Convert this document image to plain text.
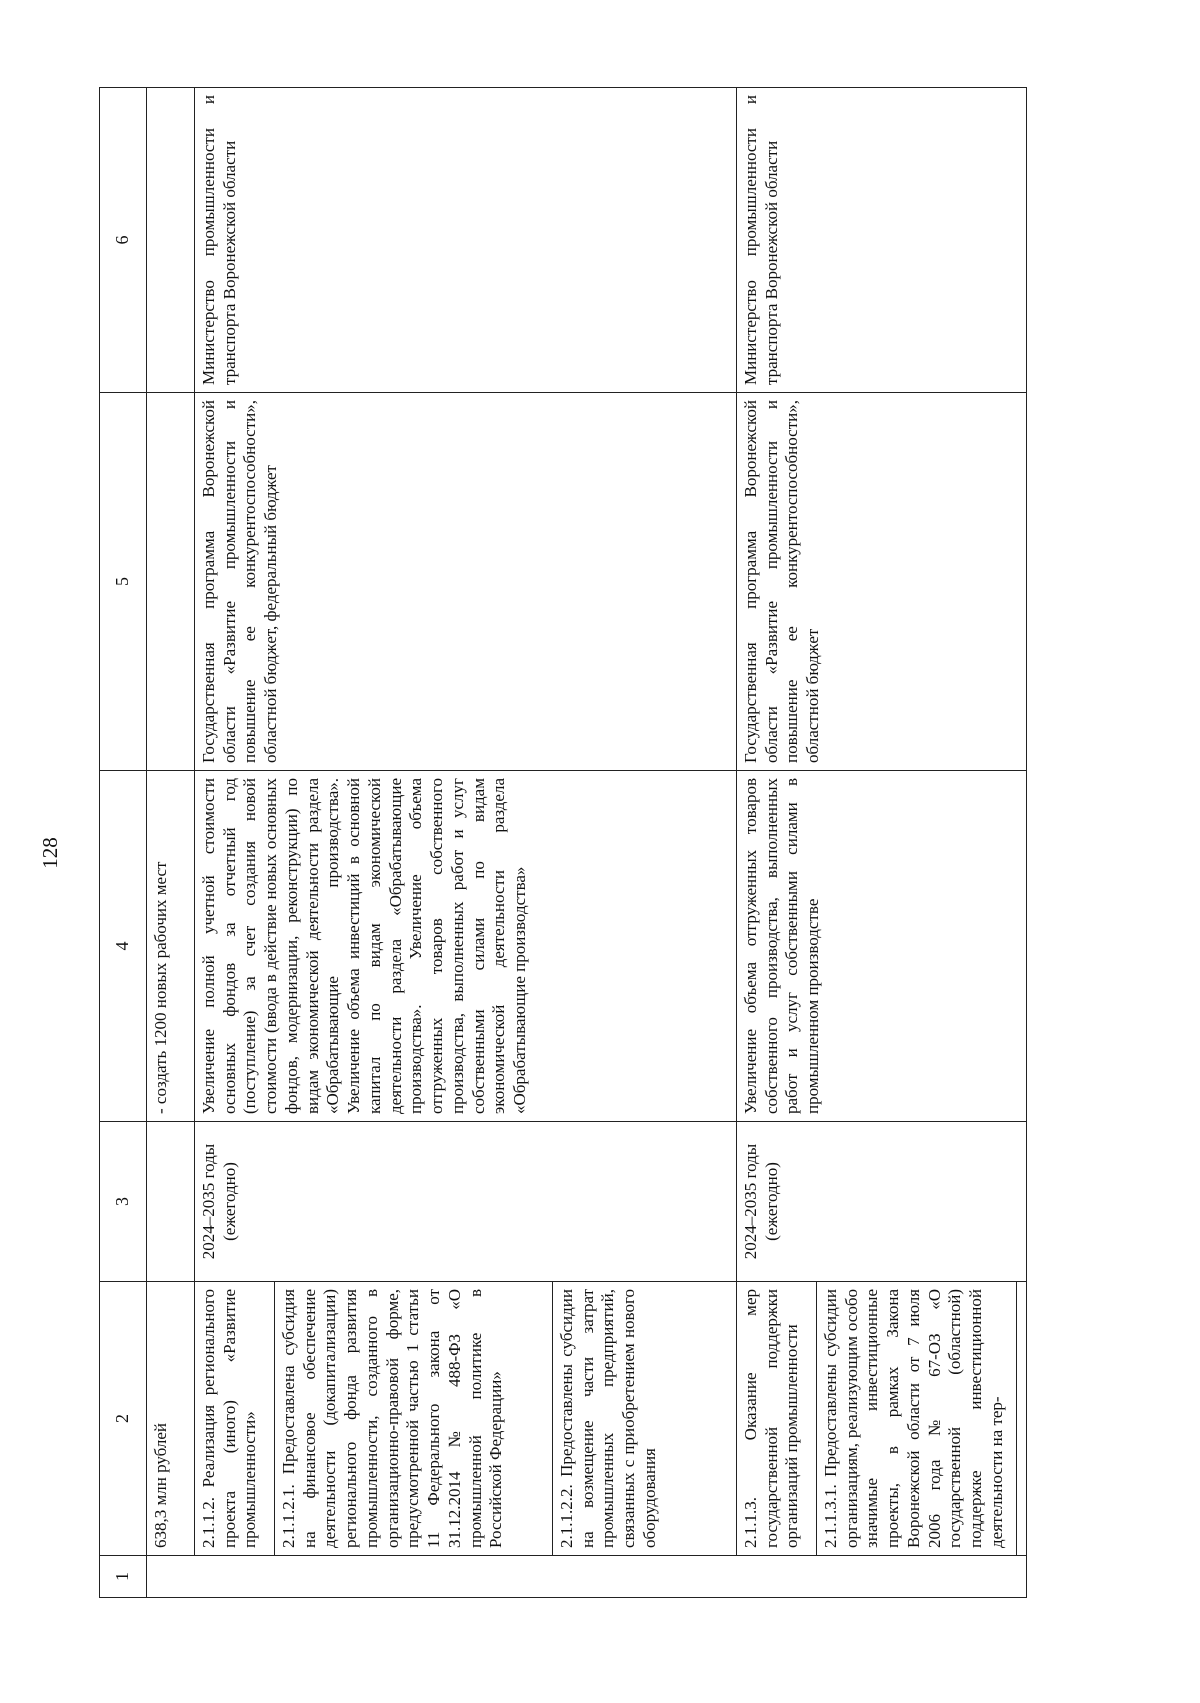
128
1	2	3	4	5	6
	638,3 млн рублей		- создать 1200 новых рабочих мест		
	2.1.1.2. Реализация регионального проекта (иного) «Развитие промышленности»	2024–2035 годы (ежегодно)	Увеличение полной учетной стоимости основных фондов за отчетный год (поступление) за счет создания новой стоимости (ввода в действие новых основных фондов, модернизации, реконструкции) по видам экономической деятельности раздела «Обрабатывающие производства». Увеличение объема инвестиций в основной капитал по видам экономической деятельности раздела «Обрабатывающие производства». Увеличение объема отгруженных товаров собственного производства, выполненных работ и услуг собственными силами по видам экономической деятельности раздела «Обрабатывающие производства»	Государственная программа Воронежской области «Развитие промышленности и повышение ее конкурентоспособности», областной бюджет, федеральный бюджет	Министерство промышленности и транспорта Воронежской области
	2.1.1.2.1. Предоставлена субсидия на финансовое обеспечение деятельности (докапитализации) регионального фонда развития промышленности, созданного в организационно-правовой форме, предусмотренной частью 1 статьи 11 Федерального закона от 31.12.2014 № 488-ФЗ «О промышленной политике в Российской Федерации»				
	2.1.1.2.2. Предоставлены субсидии на возмещение части затрат промышленных предприятий, связанных с приобретением нового оборудования				
	2.1.1.3. Оказание мер государственной поддержки организаций промышленности	2024–2035 годы (ежегодно)	Увеличение объема отгруженных товаров собственного производства, выполненных работ и услуг собственными силами в промышленном производстве	Государственная программа Воронежской области «Развитие промышленности и повышение ее конкурентоспособности», областной бюджет	Министерство промышленности и транспорта Воронежской области
	2.1.1.3.1. Предоставлены субсидии организациям, реализующим особо значимые инвестиционные проекты, в рамках Закона Воронежской области от 7 июля 2006 года № 67-ОЗ «О государственной (областной) поддержке инвестиционной деятельности на тер-				
